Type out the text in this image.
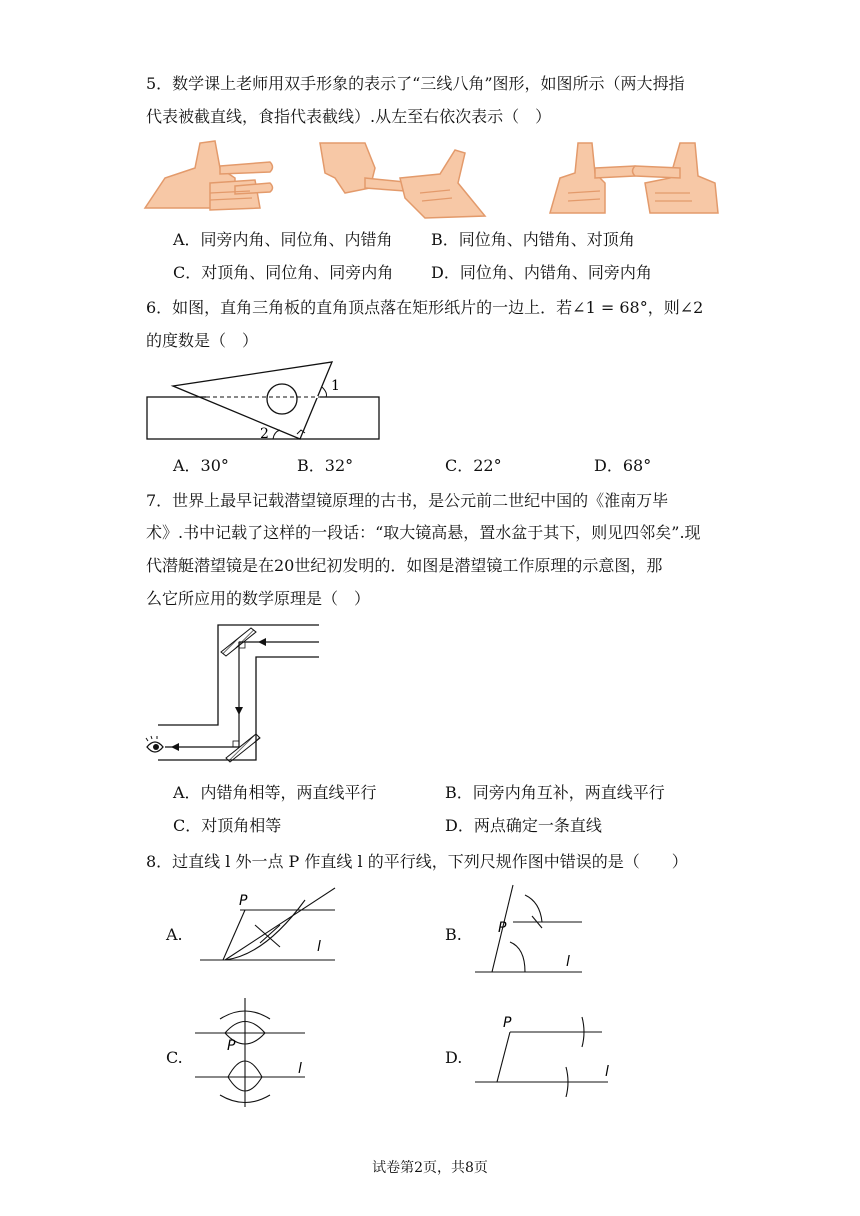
5．数学课上老师用双手形象的表示了“三线八角”图形，如图所示（两大拇指
代表被截直线，食指代表截线）.从左至右依次表示（　）
A．同旁内角、同位角、内错角 B．同位角、内错角、对顶角
C．对顶角、同位角、同旁内角 D．同位角、内错角、同旁内角
6．如图，直角三角板的直角顶点落在矩形纸片的一边上．若∠1 = 68°，则∠2
的度数是（　）
1
2
A．30°	B．32°	C．22°	D．68°
7．世界上最早记载潜望镜原理的古书，是公元前二世纪中国的《淮南万毕
术》.书中记载了这样的一段话：“取大镜高悬，置水盆于其下，则见四邻矣”.现
代潜艇潜望镜是在20世纪初发明的．如图是潜望镜工作原理的示意图，那
么它所应用的数学原理是（　）
A．内错角相等，两直线平行	B．同旁内角互补，两直线平行
C．对顶角相等	D．两点确定一条直线
8．过直线 l 外一点 P 作直线 l 的平行线，下列尺规作图中错误的是（　　）
A.
P
l
B.	P
l
C.
P
l
D.
P
l
试卷第2页，共8页
